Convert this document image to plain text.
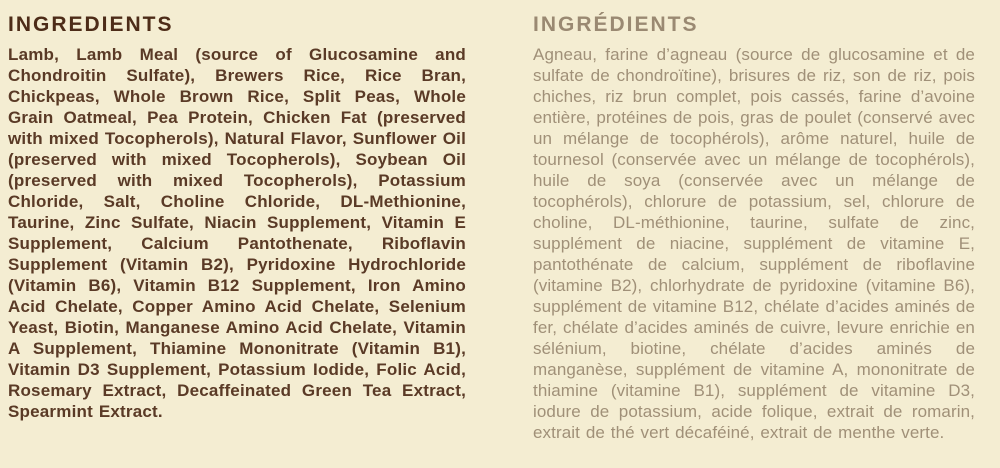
INGREDIENTS

Lamb, Lamb Meal (source of Glucosamine and Chondroitin Sulfate), Brewers Rice, Rice Bran, Chickpeas, Whole Brown Rice, Split Peas, Whole Grain Oatmeal, Pea Protein, Chicken Fat (preserved with mixed Tocopherols), Natural Flavor, Sunflower Oil (preserved with mixed Tocopherols), Soybean Oil (preserved with mixed Tocopherols), Potassium Chloride, Salt, Choline Chloride, DL-Methionine, Taurine, Zinc Sulfate, Niacin Supplement, Vitamin E Supplement, Calcium Pantothenate, Riboflavin Supplement (Vitamin B2), Pyridoxine Hydrochloride (Vitamin B6), Vitamin B12 Supplement, Iron Amino Acid Chelate, Copper Amino Acid Chelate, Selenium Yeast, Biotin, Manganese Amino Acid Chelate, Vitamin A Supplement, Thiamine Mononitrate (Vitamin B1), Vitamin D3 Supplement, Potassium Iodide, Folic Acid, Rosemary Extract, Decaffeinated Green Tea Extract, Spearmint Extract.

INGRÉDIENTS

Agneau, farine d’agneau (source de glucosamine et de sulfate de chondroïtine), brisures de riz, son de riz, pois chiches, riz brun complet, pois cassés, farine d’avoine entière, protéines de pois, gras de poulet (conservé avec un mélange de tocophérols), arôme naturel, huile de tournesol (conservée avec un mélange de tocophérols), huile de soya (conservée avec un mélange de tocophérols), chlorure de potassium, sel, chlorure de choline, DL-méthionine, taurine, sulfate de zinc, supplément de niacine, supplément de vitamine E, pantothénate de calcium, supplément de riboflavine (vitamine B2), chlorhydrate de pyridoxine (vitamine B6), supplément de vitamine B12, chélate d’acides aminés de fer, chélate d’acides aminés de cuivre, levure enrichie en sélénium, biotine, chélate d’acides aminés de manganèse, supplément de vitamine A, mononitrate de thiamine (vitamine B1), supplément de vitamine D3, iodure de potassium, acide folique, extrait de romarin, extrait de thé vert décaféiné, extrait de menthe verte.
